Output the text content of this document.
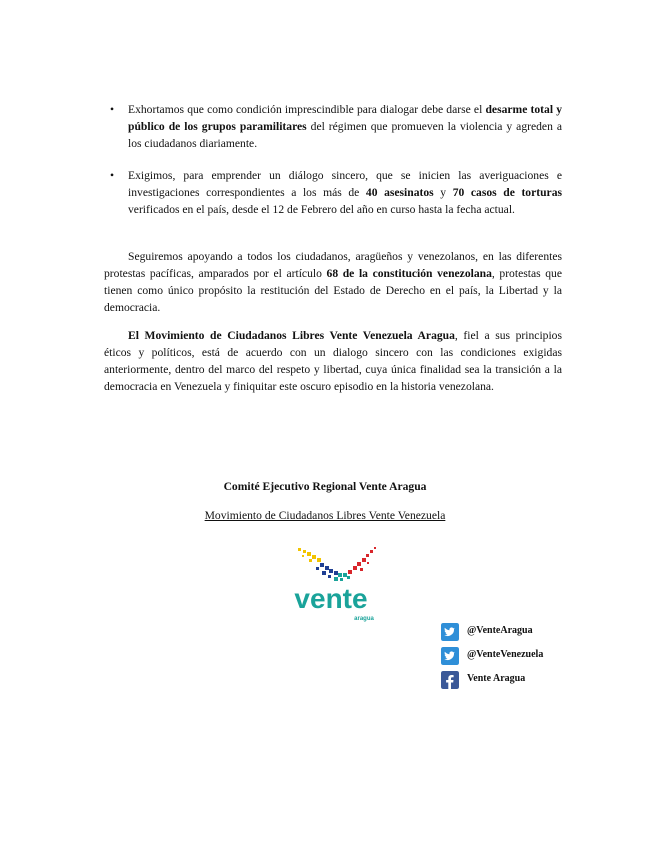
• Exhortamos que como condición imprescindible para dialogar debe darse el desarme total y público de los grupos paramilitares del régimen que promueven la violencia y agreden a los ciudadanos diariamente.
• Exigimos, para emprender un diálogo sincero, que se inicien las averiguaciones e investigaciones correspondientes a los más de 40 asesinatos y 70 casos de torturas verificados en el país, desde el 12 de Febrero del año en curso hasta la fecha actual.

Seguiremos apoyando a todos los ciudadanos, aragüeños y venezolanos, en las diferentes protestas pacíficas, amparados por el artículo 68 de la constitución venezolana, protestas que tienen como único propósito la restitución del Estado de Derecho en el país, la Libertad y la democracia.

El Movimiento de Ciudadanos Libres Vente Venezuela Aragua, fiel a sus principios éticos y políticos, está de acuerdo con un dialogo sincero con las condiciones exigidas anteriormente, dentro del marco del respeto y libertad, cuya única finalidad sea la transición a la democracia en Venezuela y finiquitar este oscuro episodio en la historia venezolana.

Comité Ejecutivo Regional Vente Aragua
Movimiento de Ciudadanos Libres Vente Venezuela
vente
aragua
@VenteAragua
@VenteVenezuela
Vente Aragua
